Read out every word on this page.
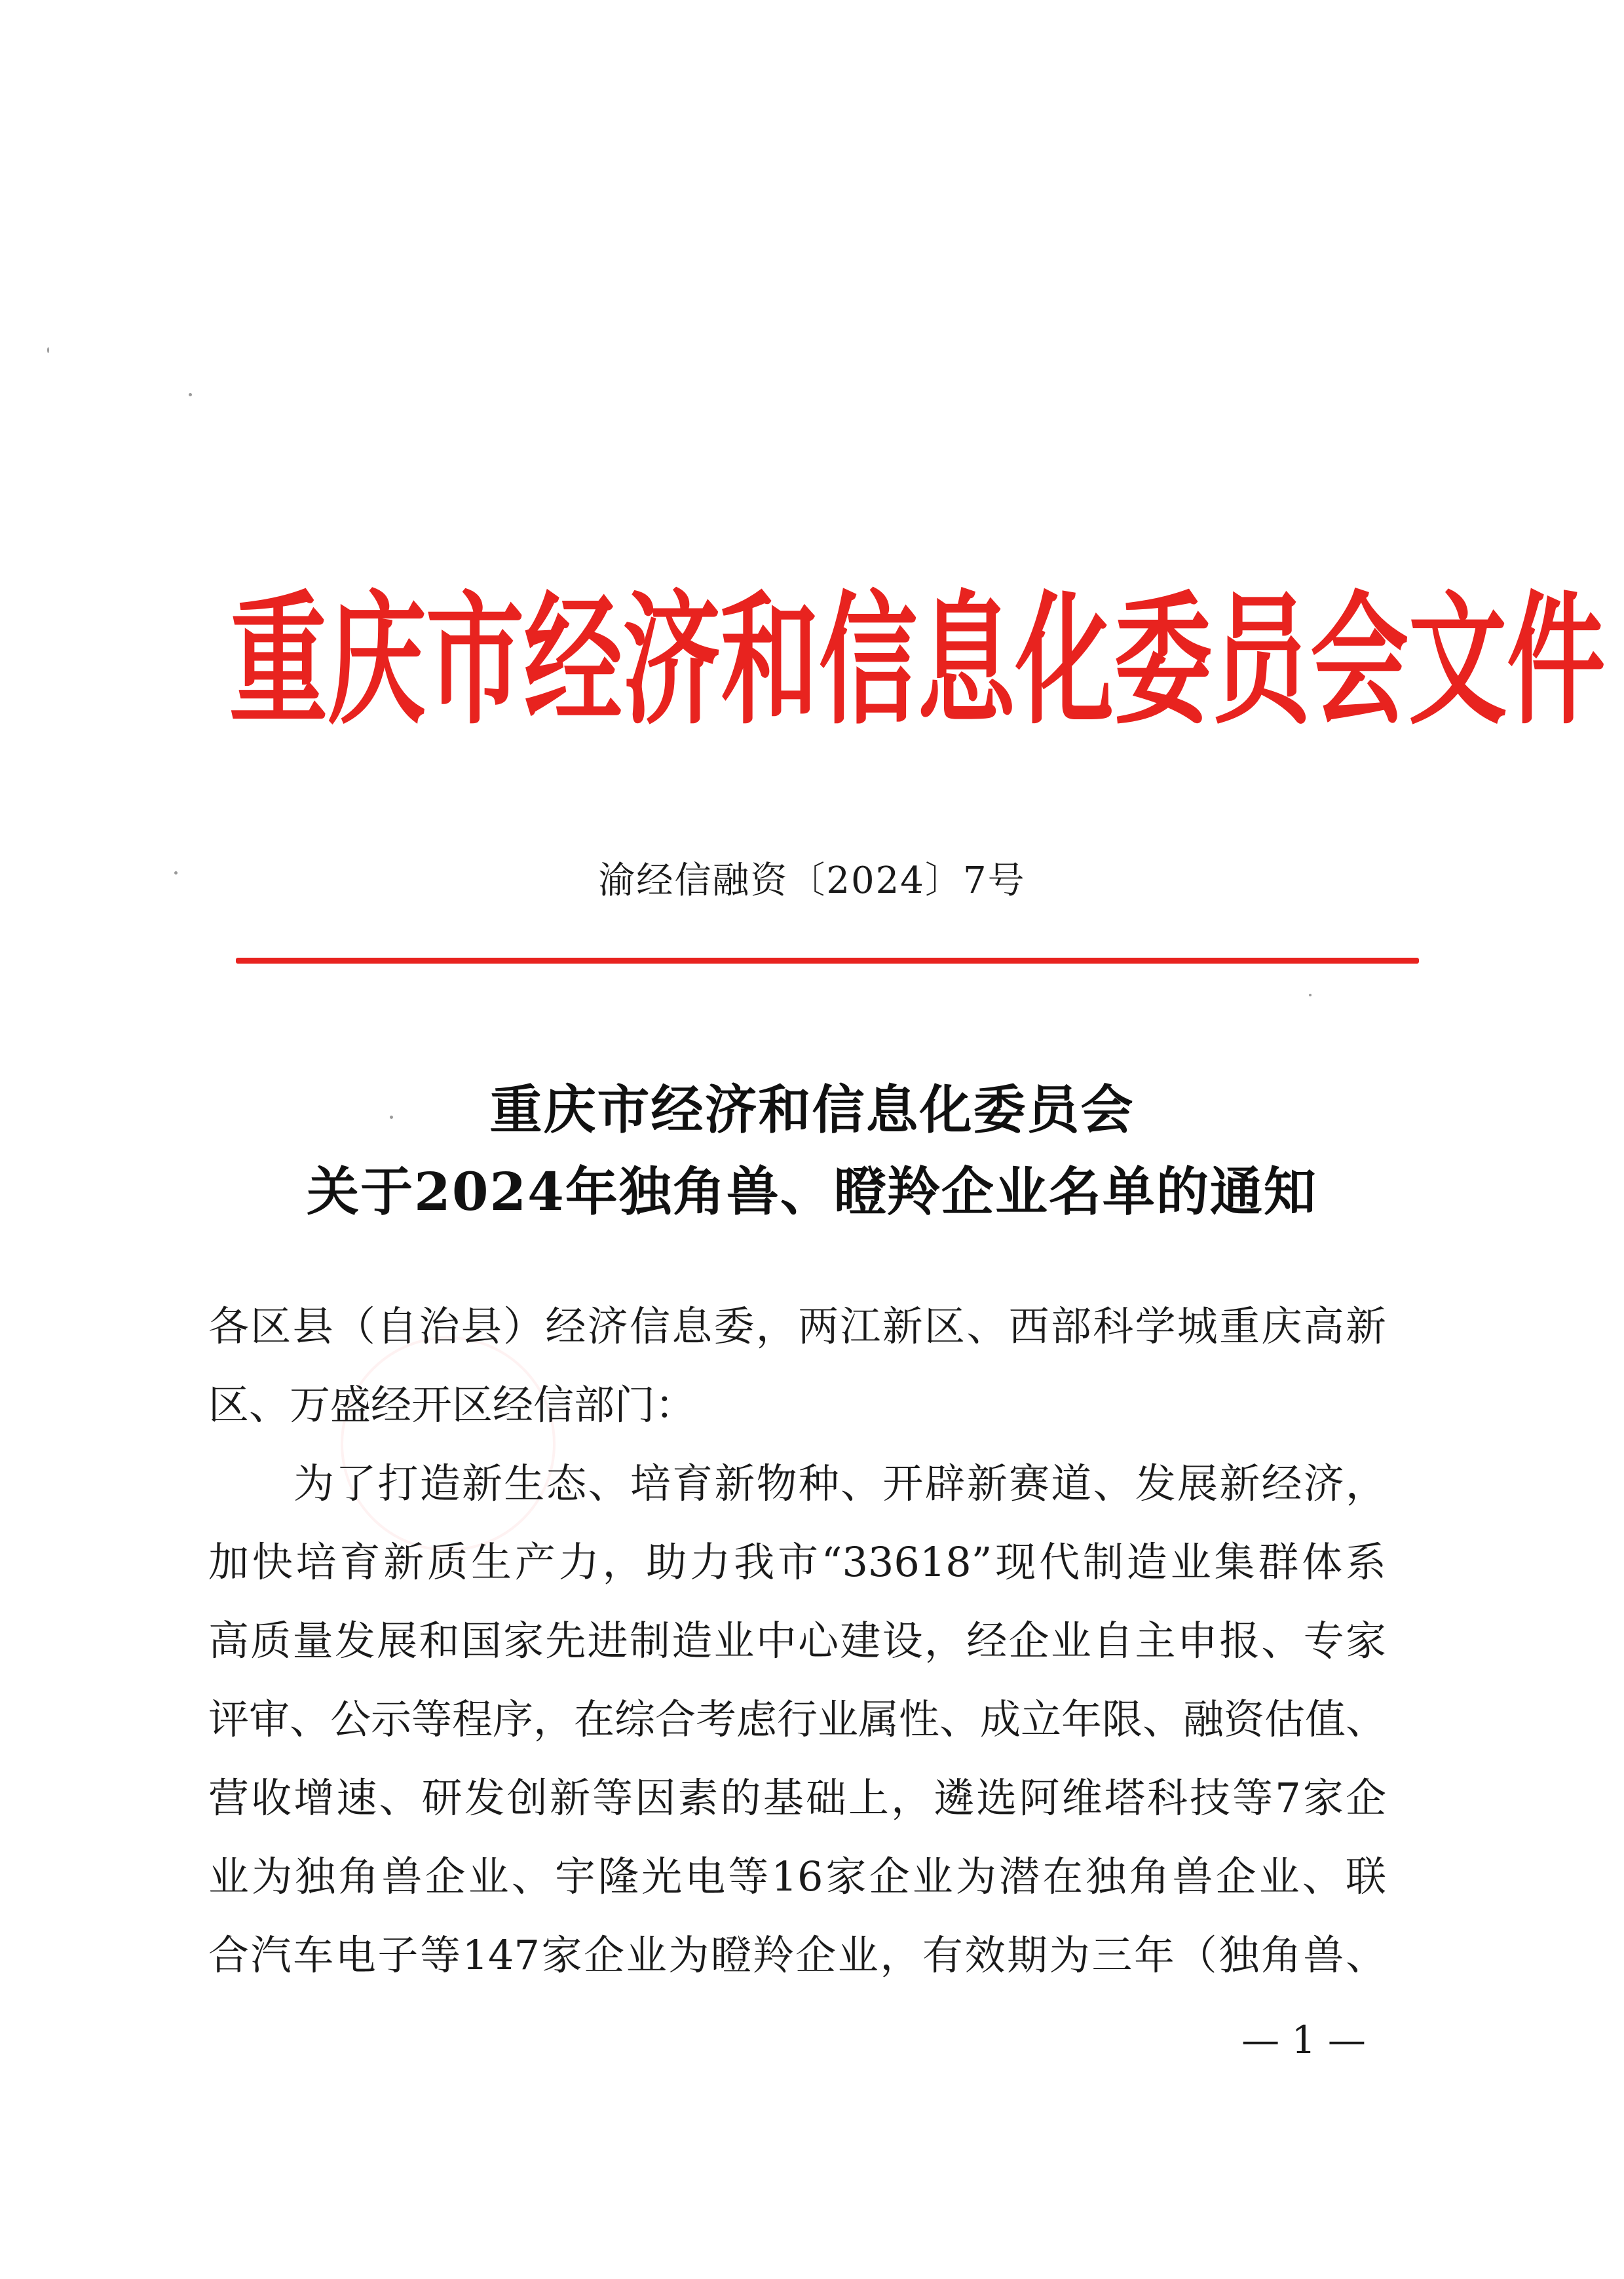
重 庆 市 经 济 和 信 息 化 委 员 会 文 件
渝经信融资〔2024〕7号
重庆市经济和信息化委员会
关于2024年独角兽、瞪羚企业名单的通知
各区县（自治县）经济信息委，两江新区、西部科学城重庆高新
区、万盛经开区经信部门：
为了打造新生态、培育新物种、开辟新赛道、发展新经济，
加快培育新质生产力，助力我市“33618”现代制造业集群体系
高质量发展和国家先进制造业中心建设，经企业自主申报、专家
评审、公示等程序，在综合考虑行业属性、成立年限、融资估值、
营收增速、研发创新等因素的基础上，遴选阿维塔科技等7家企
业为独角兽企业、宇隆光电等16家企业为潜在独角兽企业、联
合汽车电子等147家企业为瞪羚企业，有效期为三年（独角兽、
— 1 —
